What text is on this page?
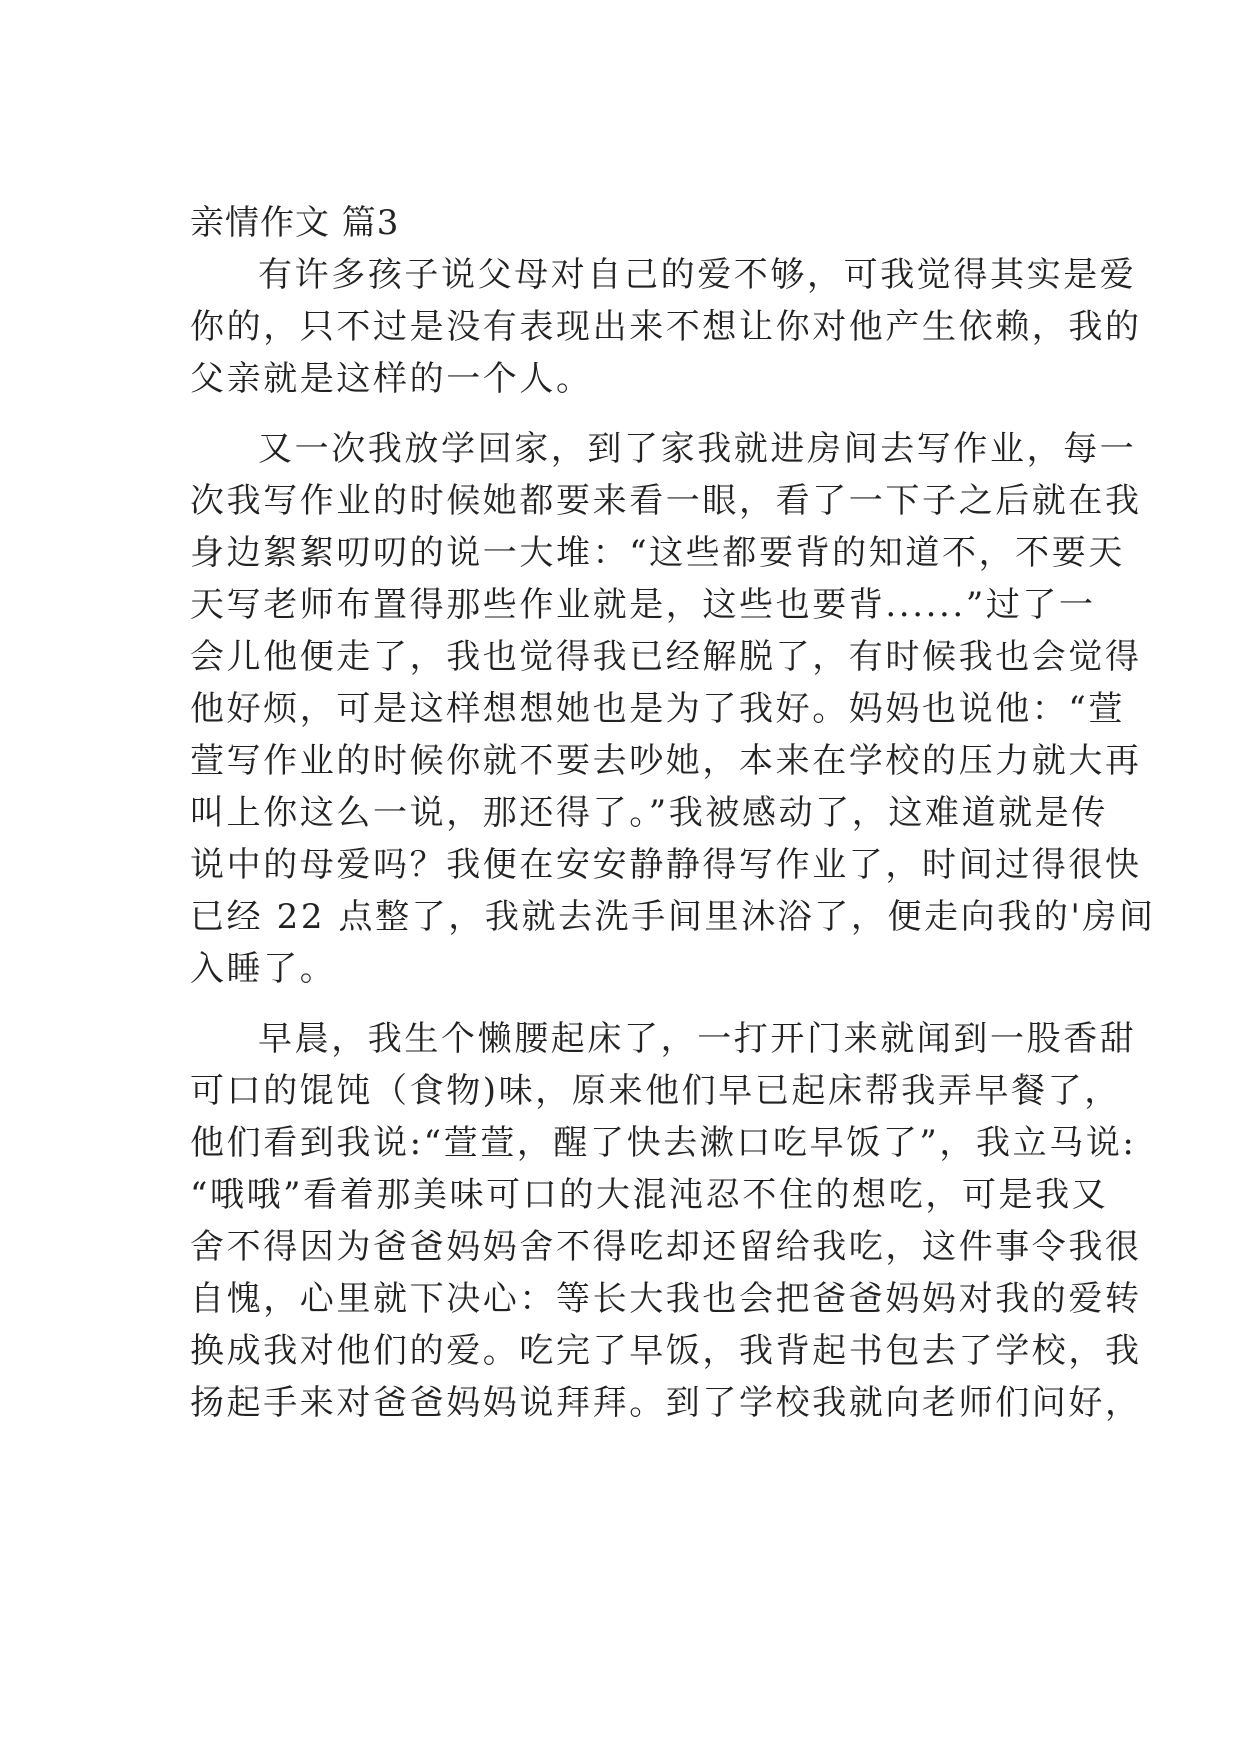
亲情作文 篇3
有许多孩子说父母对自己的爱不够，可我觉得其实是爱
你的，只不过是没有表现出来不想让你对他产生依赖，我的
父亲就是这样的一个人。
又一次我放学回家，到了家我就进房间去写作业，每一
次我写作业的时候她都要来看一眼，看了一下子之后就在我
身边絮絮叨叨的说一大堆：“这些都要背的知道不，不要天
天写老师布置得那些作业就是，这些也要背......”过了一
会儿他便走了，我也觉得我已经解脱了，有时候我也会觉得
他好烦，可是这样想想她也是为了我好。妈妈也说他：“萱
萱写作业的时候你就不要去吵她，本来在学校的压力就大再
叫上你这么一说，那还得了。”我被感动了，这难道就是传
说中的母爱吗？我便在安安静静得写作业了，时间过得很快
已经 22 点整了，我就去洗手间里沐浴了，便走向我的'房间
入睡了。
早晨，我生个懒腰起床了，一打开门来就闻到一股香甜
可口的馄饨（食物)味，原来他们早已起床帮我弄早餐了，
他们看到我说:“萱萱，醒了快去漱口吃早饭了”，我立马说:
“哦哦”看着那美味可口的大混沌忍不住的想吃，可是我又
舍不得因为爸爸妈妈舍不得吃却还留给我吃，这件事令我很
自愧，心里就下决心：等长大我也会把爸爸妈妈对我的爱转
换成我对他们的爱。吃完了早饭，我背起书包去了学校，我
扬起手来对爸爸妈妈说拜拜。到了学校我就向老师们问好，
